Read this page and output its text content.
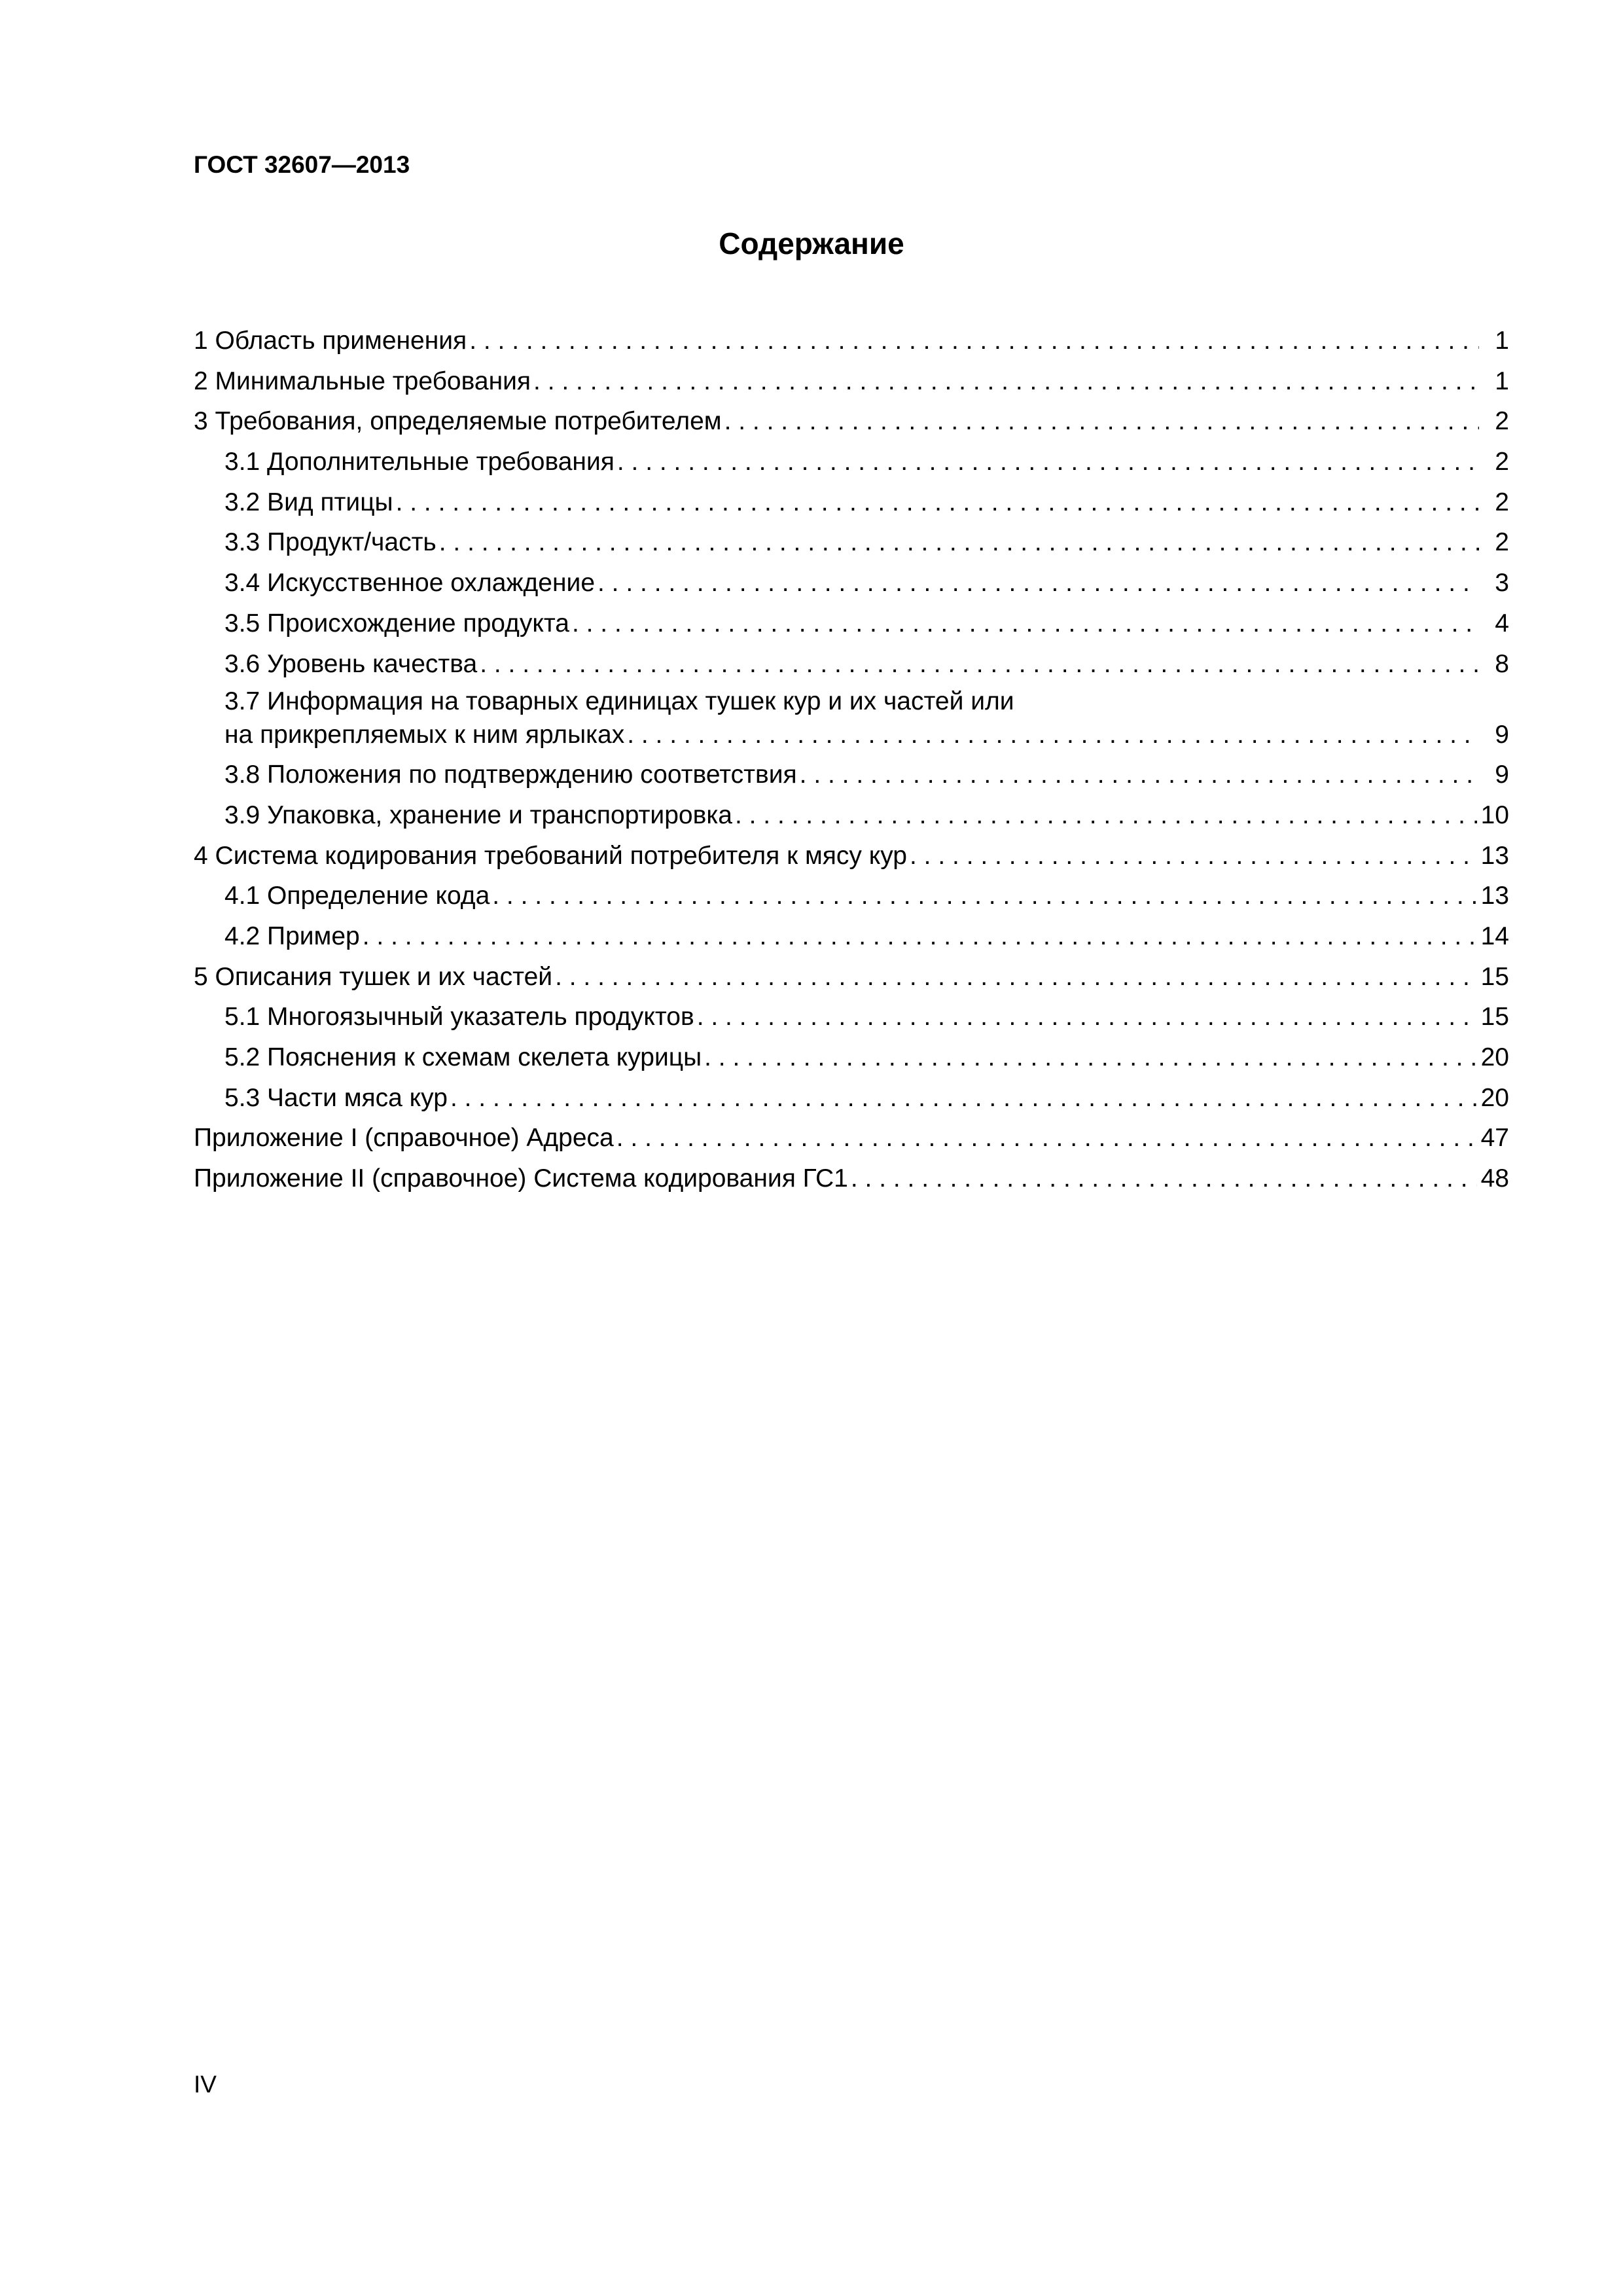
ГОСТ 32607—2013
Содержание
1 Область применения . . .	1
2 Минимальные требования . . .	1
3 Требования, определяемые потребителем . . .	2
3.1 Дополнительные требования . . .	2
3.2 Вид птицы . . .	2
3.3 Продукт/часть . . .	2
3.4 Искусственное охлаждение . . .	3
3.5 Происхождение продукта . . .	4
3.6 Уровень качества . . .	8
3.7 Информация на товарных единицах тушек кур и их частей или
на прикрепляемых к ним ярлыках . . .	9
3.8 Положения по подтверждению соответствия . . .	9
3.9 Упаковка, хранение и транспортировка . . .	10
4 Система кодирования требований потребителя к мясу кур . . .	13
4.1 Определение кода . . .	13
4.2 Пример . . .	14
5 Описания тушек и их частей . . .	15
5.1 Многоязычный указатель продуктов . . .	15
5.2 Пояснения к схемам скелета курицы . . .	20
5.3 Части мяса кур . . .	20
Приложение I (справочное) Адреса . . .	47
Приложение II (справочное) Система кодирования ГС1 . . .	48
IV
